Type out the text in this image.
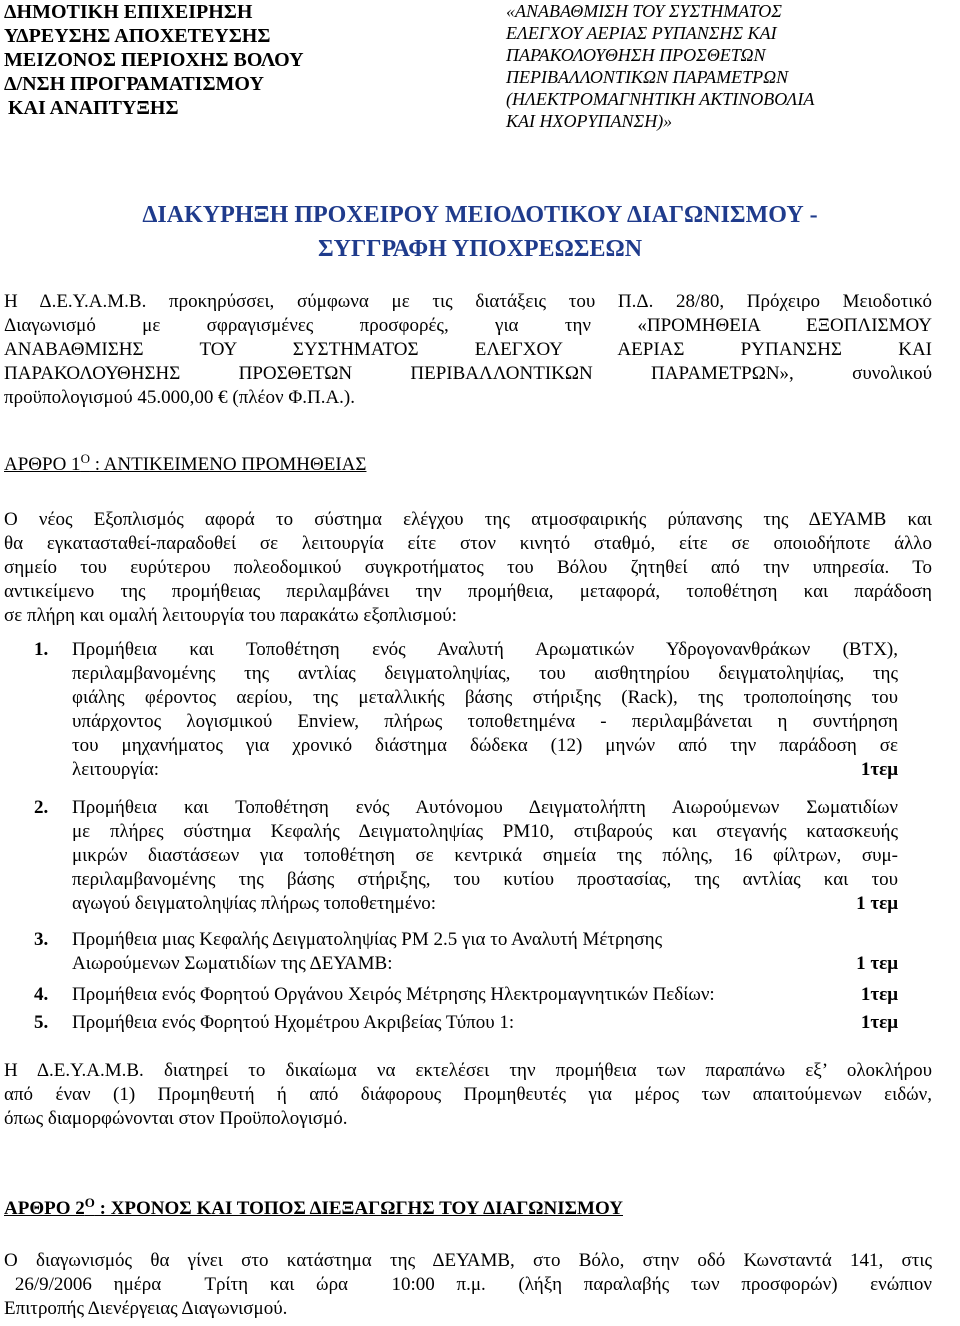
ΔΗΜΟΤΙΚΗ ΕΠΙΧΕΙΡΗΣΗ
ΥΔΡΕΥΣΗΣ ΑΠΟΧΕΤΕΥΣΗΣ
ΜΕΙΖΟΝΟΣ ΠΕΡΙΟΧΗΣ ΒΟΛΟΥ
Δ/ΝΣΗ ΠΡΟΓΡΑΜΑΤΙΣΜΟΥ
ΚΑΙ ΑΝΑΠΤΥΞΗΣ
«ΑΝΑΒΑΘΜΙΣΗ ΤΟΥ ΣΥΣΤΗΜΑΤΟΣ
ΕΛΕΓΧΟΥ ΑΕΡΙΑΣ ΡΥΠΑΝΣΗΣ ΚΑΙ
ΠΑΡΑΚΟΛΟΥΘΗΣΗ ΠΡΟΣΘΕΤΩΝ
ΠΕΡΙΒΑΛΛΟΝΤΙΚΩΝ ΠΑΡΑΜΕΤΡΩΝ
(ΗΛΕΚΤΡΟΜΑΓΝΗΤΙΚΗ ΑΚΤΙΝΟΒΟΛΙΑ
ΚΑΙ ΗΧΟΡΥΠΑΝΣΗ)»
ΔΙΑΚΥΡΗΞΗ ΠΡΟΧΕΙΡΟΥ ΜΕΙΟΔΟΤΙΚΟΥ ΔΙΑΓΩΝΙΣΜΟΥ -
ΣΥΓΓΡΑΦΗ ΥΠΟΧΡΕΩΣΕΩΝ
Η Δ.Ε.Υ.Α.Μ.Β. προκηρύσσει, σύμφωνα με τις διατάξεις του Π.Δ. 28/80, Πρόχειρο Μειοδοτικό
Διαγωνισμό με σφραγισμένες προσφορές, για την «ΠΡΟΜΗΘΕΙΑ ΕΞΟΠΛΙΣΜΟΥ
ΑΝΑΒΑΘΜΙΣΗΣ ΤΟΥ ΣΥΣΤΗΜΑΤΟΣ ΕΛΕΓΧΟΥ ΑΕΡΙΑΣ ΡΥΠΑΝΣΗΣ ΚΑΙ
ΠΑΡΑΚΟΛΟΥΘΗΣΗΣ ΠΡΟΣΘΕΤΩΝ ΠΕΡΙΒΑΛΛΟΝΤΙΚΩΝ ΠΑΡΑΜΕΤΡΩΝ», συνολικού
προϋπολογισμού 45.000,00 € (πλέον Φ.Π.Α.).
ΑΡΘΡΟ $1^O$ : ΑΝΤΙΚΕΙΜΕΝΟ ΠΡΟΜΗΘΕΙΑΣ
Ο νέος Εξοπλισμός αφορά το σύστημα ελέγχου της ατμοσφαιρικής ρύπανσης της ΔΕΥΑΜΒ και
θα εγκατασταθεί-παραδοθεί σε λειτουργία είτε στον κινητό σταθμό, είτε σε οποιοδήποτε άλλο
σημείο του ευρύτερου πολεοδομικού συγκροτήματος του Βόλου ζητηθεί από την υπηρεσία. Το
αντικείμενο της προμήθειας περιλαμβάνει την προμήθεια, μεταφορά, τοποθέτηση και παράδοση
σε πλήρη και ομαλή λειτουργία του παρακάτω εξοπλισμού:
1. Προμήθεια και Τοποθέτηση ενός Αναλυτή Αρωματικών Υδρογονανθράκων (ΒΤΧ),
περιλαμβανομένης της αντλίας δειγματοληψίας, του αισθητηρίου δειγματοληψίας, της
φιάλης φέροντος αερίου, της μεταλλικής βάσης στήριξης (Rack), της τροποποίησης του
υπάρχοντος λογισμικού Enview, πλήρως τοποθετημένα - περιλαμβάνεται η συντήρηση
του μηχανήματος για χρονικό διάστημα δώδεκα (12) μηνών από την παράδοση σε
λειτουργία:	1τεμ
2. Προμήθεια και Τοποθέτηση ενός Αυτόνομου Δειγματολήπτη Αιωρούμενων Σωματιδίων
με πλήρες σύστημα Κεφαλής Δειγματοληψίας PM10, στιβαρούς και στεγανής κατασκευής
μικρών διαστάσεων για τοποθέτηση σε κεντρικά σημεία της πόλης, 16 φίλτρων, συμ-
περιλαμβανομένης της βάσης στήριξης, του κυτίου προστασίας, της αντλίας και του
αγωγού δειγματοληψίας πλήρως τοποθετημένο:	1 τεμ
3. Προμήθεια μιας Κεφαλής Δειγματοληψίας PM 2.5 για το Αναλυτή Μέτρησης
Αιωρούμενων Σωματιδίων της ΔΕΥΑΜΒ:	1 τεμ
4. Προμήθεια ενός Φορητού Οργάνου Χειρός Μέτρησης Ηλεκτρομαγνητικών Πεδίων:	1τεμ
5. Προμήθεια ενός Φορητού Ηχομέτρου Ακριβείας Τύπου 1:	1τεμ
Η Δ.Ε.Υ.Α.Μ.Β. διατηρεί το δικαίωμα να εκτελέσει την προμήθεια των παραπάνω εξ’ ολοκλήρου
από έναν (1) Προμηθευτή ή από διάφορους Προμηθευτές για μέρος των απαιτούμενων ειδών,
όπως διαμορφώνονται στον Προϋπολογισμό.
ΑΡΘΡΟ $2^O$ : ΧΡΟΝΟΣ ΚΑΙ ΤΟΠΟΣ ΔΙΕΞΑΓΩΓΗΣ ΤΟΥ ΔΙΑΓΩΝΙΣΜΟΥ
Ο διαγωνισμός θα γίνει στο κατάστημα της ΔΕΥΑΜΒ, στο Βόλο, στην οδό Κωνσταντά 141, στις
26/9/2006  ημέρα    Τρίτη  και  ώρα    10:00  π.μ.   (λήξη  παραλαβής  των  προσφορών)   ενώπιον
Επιτροπής Διενέργειας Διαγωνισμού.
